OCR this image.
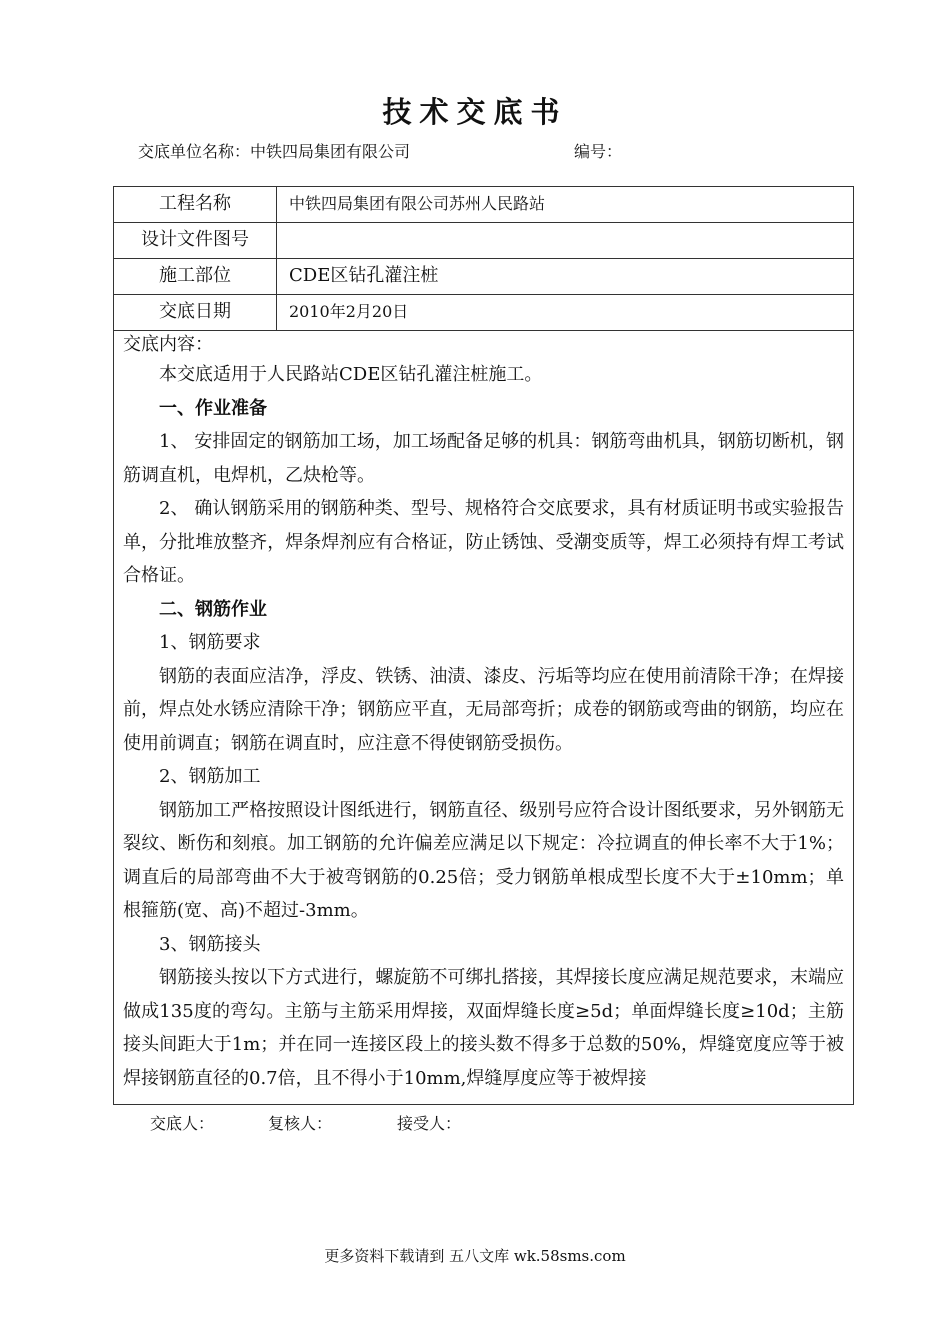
技术交底书
交底单位名称：中铁四局集团有限公司	编号：
工程名称	中铁四局集团有限公司苏州人民路站
设计文件图号
施工部位	CDE区钻孔灌注桩
交底日期	2010年2月20日
交底内容：
本交底适用于人民路站CDE区钻孔灌注桩施工。
一、作业准备
1、 安排固定的钢筋加工场，加工场配备足够的机具：钢筋弯曲机具，钢筋切断机，钢筋调直机，电焊机，乙炔枪等。
2、 确认钢筋采用的钢筋种类、型号、规格符合交底要求，具有材质证明书或实验报告单，分批堆放整齐，焊条焊剂应有合格证，防止锈蚀、受潮变质等，焊工必须持有焊工考试合格证。
二、钢筋作业
1、钢筋要求
钢筋的表面应洁净，浮皮、铁锈、油渍、漆皮、污垢等均应在使用前清除干净；在焊接前，焊点处水锈应清除干净；钢筋应平直，无局部弯折；成卷的钢筋或弯曲的钢筋，均应在使用前调直；钢筋在调直时，应注意不得使钢筋受损伤。
2、钢筋加工
钢筋加工严格按照设计图纸进行，钢筋直径、级别号应符合设计图纸要求，另外钢筋无裂纹、断伤和刻痕。加工钢筋的允许偏差应满足以下规定：冷拉调直的伸长率不大于1%；调直后的局部弯曲不大于被弯钢筋的0.25倍；受力钢筋单根成型长度不大于±10mm；单根箍筋(宽、高)不超过-3mm。
3、钢筋接头
钢筋接头按以下方式进行，螺旋筋不可绑扎搭接，其焊接长度应满足规范要求，末端应做成135度的弯勾。主筋与主筋采用焊接，双面焊缝长度≥5d；单面焊缝长度≥10d；主筋接头间距大于1m；并在同一连接区段上的接头数不得多于总数的50%，焊缝宽度应等于被焊接钢筋直径的0.7倍，且不得小于10mm,焊缝厚度应等于被焊接
交底人：	复核人：	接受人：
更多资料下载请到 五八文库 wk.58sms.com
